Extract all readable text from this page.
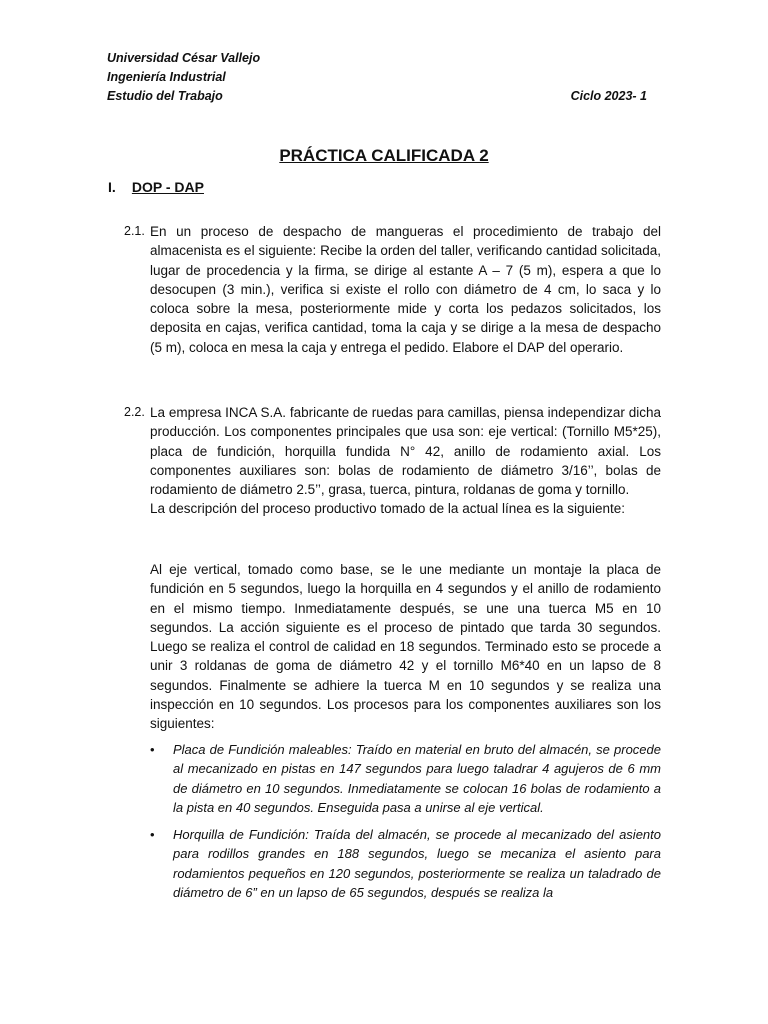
Universidad César Vallejo
Ingeniería Industrial
Estudio del Trabajo	Ciclo 2023- 1
PRÁCTICA CALIFICADA 2
I. DOP - DAP
2.1. En un proceso de despacho de mangueras el procedimiento de trabajo del almacenista es el siguiente: Recibe la orden del taller, verificando cantidad solicitada, lugar de procedencia y la firma, se dirige al estante A – 7 (5 m), espera a que lo desocupen (3 min.), verifica si existe el rollo con diámetro de 4 cm, lo saca y lo coloca sobre la mesa, posteriormente mide y corta los pedazos solicitados, los deposita en cajas, verifica cantidad, toma la caja y se dirige a la mesa de despacho (5 m), coloca en mesa la caja y entrega el pedido. Elabore el DAP del operario.
2.2. La empresa INCA S.A. fabricante de ruedas para camillas, piensa independizar dicha producción. Los componentes principales que usa son: eje vertical: (Tornillo M5*25), placa de fundición, horquilla fundida N° 42, anillo de rodamiento axial. Los componentes auxiliares son: bolas de rodamiento de diámetro 3/16’’, bolas de rodamiento de diámetro 2.5’’, grasa, tuerca, pintura, roldanas de goma y tornillo.
La descripción del proceso productivo tomado de la actual línea es la siguiente:
Al eje vertical, tomado como base, se le une mediante un montaje la placa de fundición en 5 segundos, luego la horquilla en 4 segundos y el anillo de rodamiento en el mismo tiempo. Inmediatamente después, se une una tuerca M5 en 10 segundos. La acción siguiente es el proceso de pintado que tarda 30 segundos. Luego se realiza el control de calidad en 18 segundos. Terminado esto se procede a unir 3 roldanas de goma de diámetro 42 y el tornillo M6*40 en un lapso de 8 segundos. Finalmente se adhiere la tuerca M en 10 segundos y se realiza una inspección en 10 segundos. Los procesos para los componentes auxiliares son los siguientes:
• Placa de Fundición maleables: Traído en material en bruto del almacén, se procede al mecanizado en pistas en 147 segundos para luego taladrar 4 agujeros de 6 mm de diámetro en 10 segundos. Inmediatamente se colocan 16 bolas de rodamiento a la pista en 40 segundos. Enseguida pasa a unirse al eje vertical.
• Horquilla de Fundición: Traída del almacén, se procede al mecanizado del asiento para rodillos grandes en 188 segundos, luego se mecaniza el asiento para rodamientos pequeños en 120 segundos, posteriormente se realiza un taladrado de diámetro de 6” en un lapso de 65 segundos, después se realiza la
